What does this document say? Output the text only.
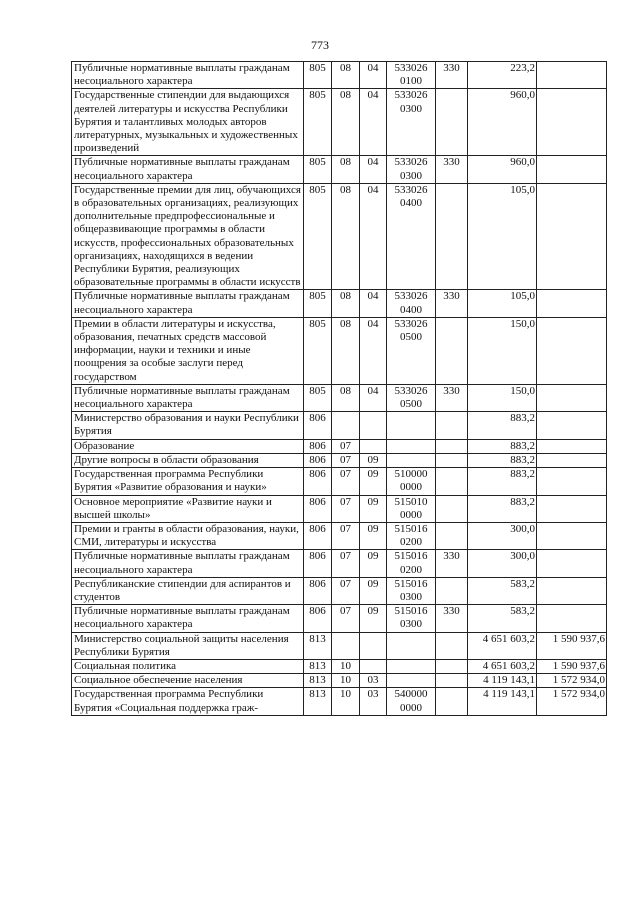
773
Публичные нормативные выплаты гражданам несоциального характера	805	08	04	533026 0100	330	223,2	
Государственные стипендии для выдающихся деятелей литературы и искусства Республики Бурятия и талантливых молодых авторов литературных, музыкальных и художественных произведений	805	08	04	533026 0300		960,0	
Публичные нормативные выплаты гражданам несоциального характера	805	08	04	533026 0300	330	960,0	
Государственные премии для лиц, обучающихся в образовательных организациях, реализующих дополнительные предпрофессиональные и общеразвивающие программы в области искусств, профессиональных образовательных организациях, находящихся в ведении Республики Бурятия, реализующих образовательные программы в области искусств	805	08	04	533026 0400		105,0	
Публичные нормативные выплаты гражданам несоциального характера	805	08	04	533026 0400	330	105,0	
Премии в области литературы и искусства, образования, печатных средств массовой информации, науки и техники и иные поощрения за особые заслуги перед государством	805	08	04	533026 0500		150,0	
Публичные нормативные выплаты гражданам несоциального характера	805	08	04	533026 0500	330	150,0	
Министерство образования и науки Республики Бурятия	806					883,2	
Образование	806	07				883,2	
Другие вопросы в области образования	806	07	09			883,2	
Государственная программа Республики Бурятия «Развитие образования и науки»	806	07	09	510000 0000		883,2	
Основное мероприятие «Развитие науки и высшей школы»	806	07	09	515010 0000		883,2	
Премии и гранты в области образования, науки, СМИ, литературы и искусства	806	07	09	515016 0200		300,0	
Публичные нормативные выплаты гражданам несоциального характера	806	07	09	515016 0200	330	300,0	
Республиканские стипендии для аспирантов и студентов	806	07	09	515016 0300		583,2	
Публичные нормативные выплаты гражданам несоциального характера	806	07	09	515016 0300	330	583,2	
Министерство социальной защиты населения Республики Бурятия	813					4 651 603,2	1 590 937,6
Социальная политика	813	10				4 651 603,2	1 590 937,6
Социальное обеспечение населения	813	10	03			4 119 143,1	1 572 934,0
Государственная программа Республики Бурятия «Социальная поддержка граж-	813	10	03	540000 0000		4 119 143,1	1 572 934,0
